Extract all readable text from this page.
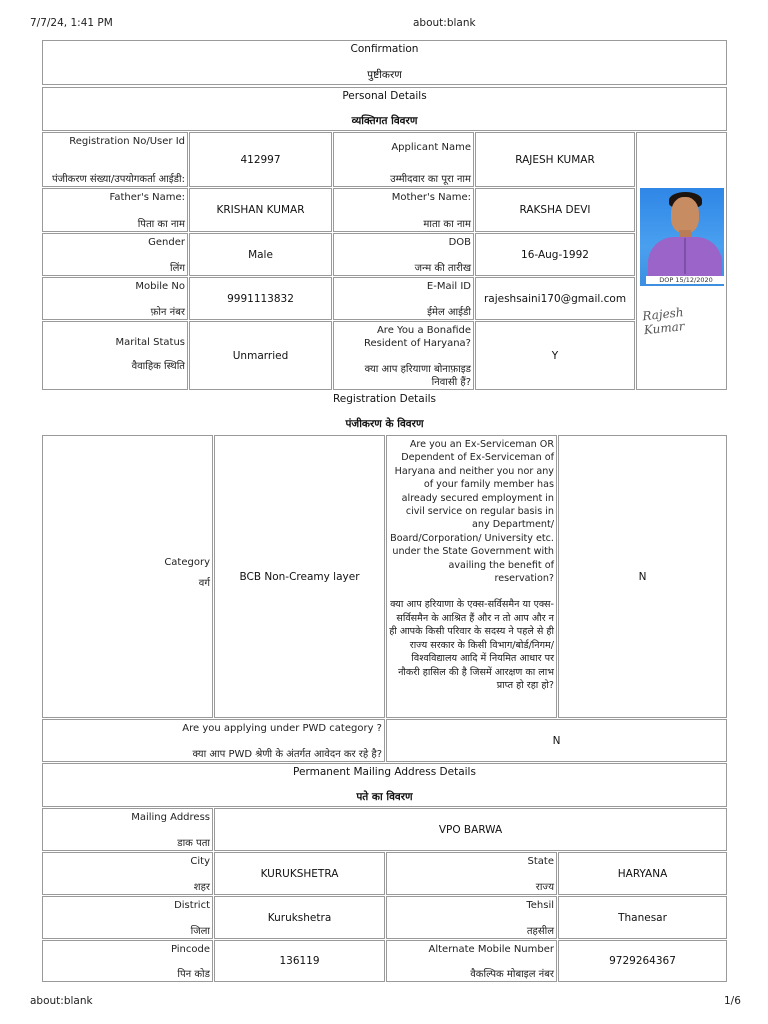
7/7/24, 1:41 PM	about:blank
about:blank	1/6
Confirmation
पुष्टीकरण
Personal Details
व्यक्तिगत विवरण
Registration No/User Id
पंजीकरण संख्या/उपयोगकर्ता आईडी:
412997
Applicant Name
उम्मीदवार का पूरा नाम
RAJESH KUMAR
DOP 15/12/2020
Rajesh Kumar
Father's Name:
पिता का नाम
KRISHAN KUMAR
Mother's Name:
माता का नाम
RAKSHA DEVI
Gender
लिंग
Male
DOB
जन्म की तारीख
16-Aug-1992
Mobile No
फ़ोन नंबर
9991113832
E-Mail ID
ईमेल आईडी
rajeshsaini170@gmail.com
Marital Status
वैवाहिक स्थिति
Unmarried
Are You a Bonafide Resident of Haryana?
क्या आप हरियाणा बोनाफ़ाइड निवासी हैं?
Y
Registration Details
पंजीकरण के विवरण
Category
वर्ग
BCB Non-Creamy layer
Are you an Ex-Serviceman OR Dependent of Ex-Serviceman of Haryana and neither you nor any of your family member has already secured employment in civil service on regular basis in any Department/ Board/Corporation/ University etc. under the State Government with availing the benefit of reservation?
क्या आप हरियाणा के एक्स-सर्विसमैन या एक्स-सर्विसमैन के आश्रित हैं और न तो आप और न ही आपके किसी परिवार के सदस्य ने पहले से ही राज्य सरकार के किसी विभाग/बोर्ड/निगम/विश्वविद्यालय आदि में नियमित आधार पर नौकरी हासिल की है जिसमें आरक्षण का लाभ प्राप्त हो रहा हो?
N
Are you applying under PWD category ?
क्या आप PWD श्रेणी के अंतर्गत आवेदन कर रहे है?
N
Permanent Mailing Address Details
पते का विवरण
Mailing Address
डाक पता
VPO BARWA
City
शहर
KURUKSHETRA
State
राज्य
HARYANA
District
जिला
Kurukshetra
Tehsil
तहसील
Thanesar
Pincode
पिन कोड
136119
Alternate Mobile Number
वैकल्पिक मोबाइल नंबर
9729264367
